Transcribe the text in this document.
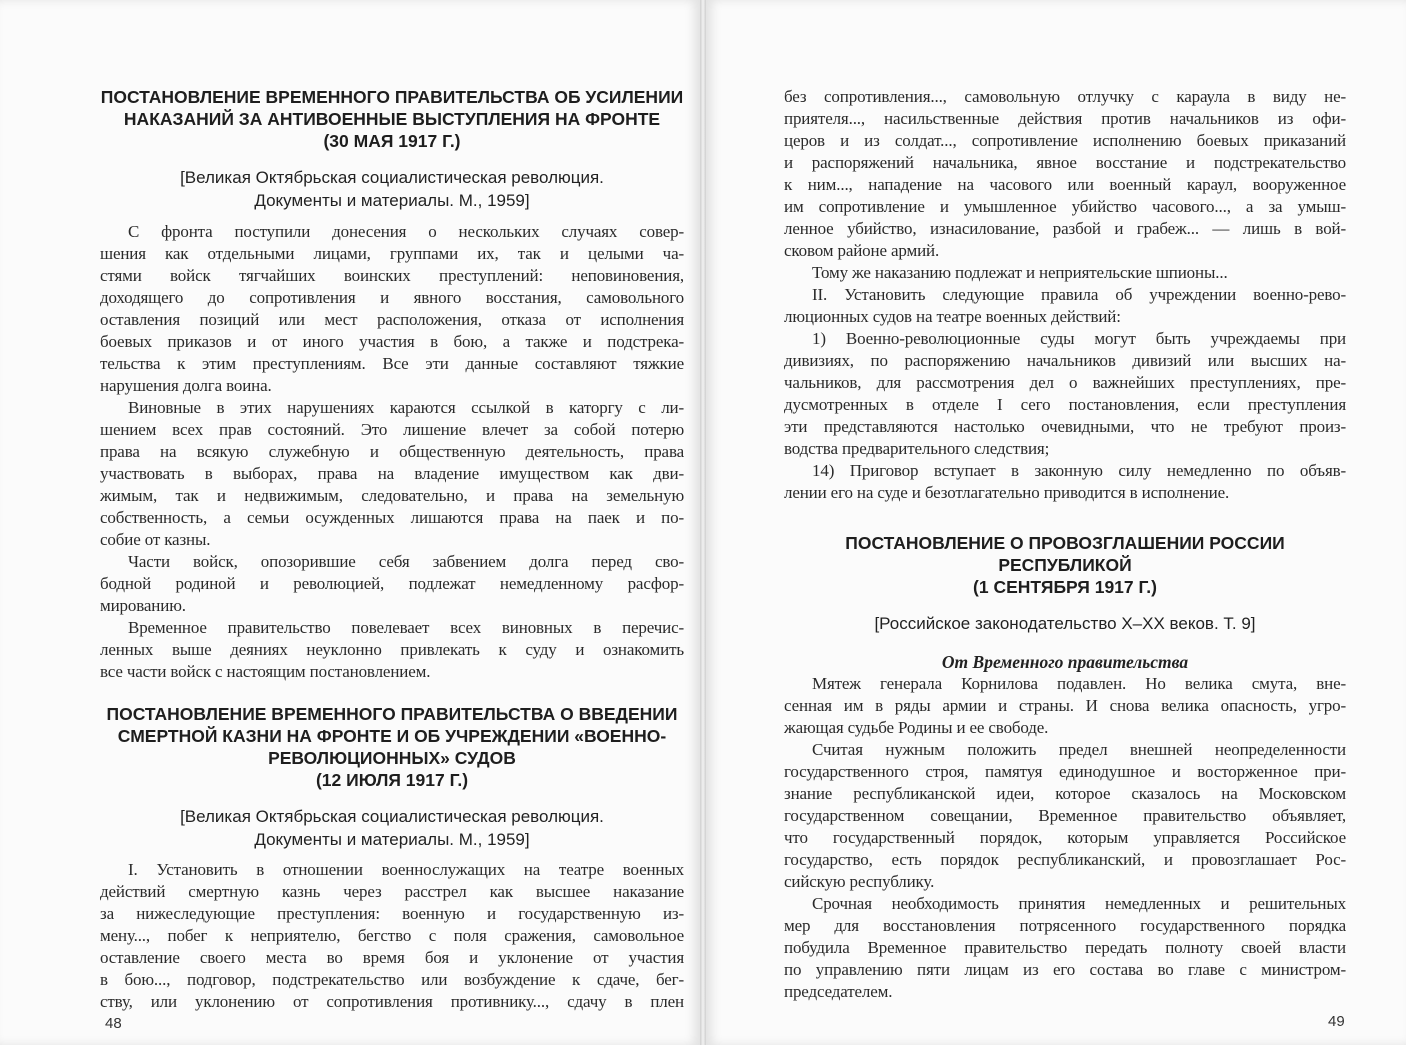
ПОСТАНОВЛЕНИЕ ВРЕМЕННОГО ПРАВИТЕЛЬСТВА ОБ УСИЛЕНИИ
НАКАЗАНИЙ ЗА АНТИВОЕННЫЕ ВЫСТУПЛЕНИЯ НА ФРОНТЕ
(30 МАЯ 1917 Г.)
[Великая Октябрьская социалистическая революция.
Документы и материалы. М., 1959]

С фронта поступили донесения о нескольких случаях совер-
шения как отдельными лицами, группами их, так и целыми ча-
стями войск тягчайших воинских преступлений: неповиновения,
доходящего до сопротивления и явного восстания, самовольного
оставления позиций или мест расположения, отказа от исполнения
боевых приказов и от иного участия в бою, а также и подстрека-
тельства к этим преступлениям. Все эти данные составляют тяжкие
нарушения долга воина.

Виновные в этих нарушениях караются ссылкой в каторгу с ли-
шением всех прав состояний. Это лишение влечет за собой потерю
права на всякую служебную и общественную деятельность, права
участвовать в выборах, права на владение имуществом как дви-
жимым, так и недвижимым, следовательно, и права на земельную
собственность, а семьи осужденных лишаются права на паек и по-
собие от казны.

Части войск, опозорившие себя забвением долга перед сво-
бодной родиной и революцией, подлежат немедленному расфор-
мированию.

Временное правительство повелевает всех виновных в перечис-
ленных выше деяниях неуклонно привлекать к суду и ознакомить
все части войск с настоящим постановлением.

ПОСТАНОВЛЕНИЕ ВРЕМЕННОГО ПРАВИТЕЛЬСТВА О ВВЕДЕНИИ
СМЕРТНОЙ КАЗНИ НА ФРОНТЕ И ОБ УЧРЕЖДЕНИИ «ВОЕННО-
РЕВОЛЮЦИОННЫХ» СУДОВ
(12 ИЮЛЯ 1917 Г.)
[Великая Октябрьская социалистическая революция.
Документы и материалы. М., 1959]

I. Установить в отношении военнослужащих на театре военных
действий смертную казнь через расстрел как высшее наказание
за нижеследующие преступления: военную и государственную из-
мену..., побег к неприятелю, бегство с поля сражения, самовольное
оставление своего места во время боя и уклонение от участия
в бою..., подговор, подстрекательство или возбуждение к сдаче, бег-
ству, или уклонению от сопротивления противнику..., сдачу в плен

48

без сопротивления..., самовольную отлучку с караула в виду не-
приятеля..., насильственные действия против начальников из офи-
церов и из солдат..., сопротивление исполнению боевых приказаний
и распоряжений начальника, явное восстание и подстрекательство
к ним..., нападение на часового или военный караул, вооруженное
им сопротивление и умышленное убийство часового..., а за умыш-
ленное убийство, изнасилование, разбой и грабеж... — лишь в вой-
сковом районе армий.

Тому же наказанию подлежат и неприятельские шпионы...

II. Установить следующие правила об учреждении военно-рево-
люционных судов на театре военных действий:

1) Военно-революционные суды могут быть учреждаемы при
дивизиях, по распоряжению начальников дивизий или высших на-
чальников, для рассмотрения дел о важнейших преступлениях, пре-
дусмотренных в отделе I сего постановления, если преступления
эти представляются настолько очевидными, что не требуют произ-
водства предварительного следствия;

14) Приговор вступает в законную силу немедленно по объяв-
лении его на суде и безотлагательно приводится в исполнение.

ПОСТАНОВЛЕНИЕ О ПРОВОЗГЛАШЕНИИ РОССИИ РЕСПУБЛИКОЙ
(1 СЕНТЯБРЯ 1917 Г.)
[Российское законодательство X–XX веков. Т. 9]

От Временного правительства

Мятеж генерала Корнилова подавлен. Но велика смута, вне-
сенная им в ряды армии и страны. И снова велика опасность, угро-
жающая судьбе Родины и ее свободе.

Считая нужным положить предел внешней неопределенности
государственного строя, памятуя единодушное и восторженное при-
знание республиканской идеи, которое сказалось на Московском
государственном совещании, Временное правительство объявляет,
что государственный порядок, которым управляется Российское
государство, есть порядок республиканский, и провозглашает Рос-
сийскую республику.

Срочная необходимость принятия немедленных и решительных
мер для восстановления потрясенного государственного порядка
побудила Временное правительство передать полноту своей власти
по управлению пяти лицам из его состава во главе с министром-
председателем.

49
